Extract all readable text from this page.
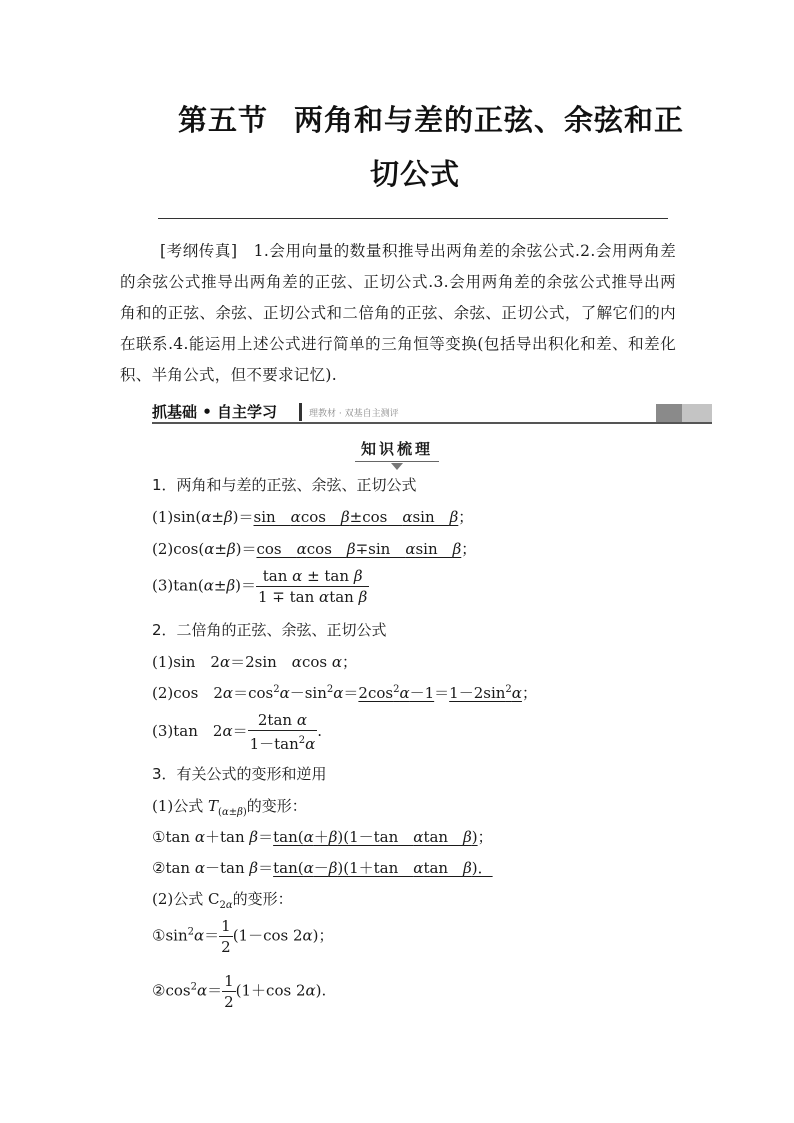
第五节 两角和与差的正弦、余弦和正
切公式
[考纲传真]　1.会用向量的数量积推导出两角差的余弦公式.2.会用两角差的余弦公式推导出两角差的正弦、正切公式.3.会用两角差的余弦公式推导出两角和的正弦、余弦、正切公式和二倍角的正弦、余弦、正切公式，了解它们的内在联系.4.能运用上述公式进行简单的三角恒等变换(包括导出积化和差、和差化积、半角公式，但不要求记忆).
抓基础 • 自主学习	理教材 · 双基自主测评
知识梳理
1．两角和与差的正弦、余弦、正切公式
(1)sin(α±β)＝sin　αcos　β±cos　αsin　β；
(2)cos(α±β)＝cos　αcos　β∓sin　αsin　β；
$(3)\tan(\alpha\pm\beta)= \frac{\text{tan α ± tan β}}{\text{1 ∓ tan αtan β}}$
2．二倍角的正弦、余弦、正切公式
(1)sin　2α＝2sin　αcos α；
(2)cos　$2\alpha=\cos^2\alpha-\sin^2\alpha=2\cos^2\alpha-1=1-2\sin^2\alpha$；
(3)tan　$2\alpha= \frac{\text{2tan α}}{1-\tan^2\alpha}$ .
3．有关公式的变形和逆用
(1)公式 $T_{(\alpha\pm\beta)}$的变形：
①tan α＋tan β＝tan(α＋β)(1－tan　αtan　β)；
②tan α－tan β＝tan(α－β)(1＋tan　αtan　β)．
(2)公式 $C_{2\alpha}$的变形：
$①\sin^2\alpha= \frac{1}{2} (1-\cos$ 2α)；
$②\cos^2\alpha= \frac{1}{2} (1+\cos$ 2α).
